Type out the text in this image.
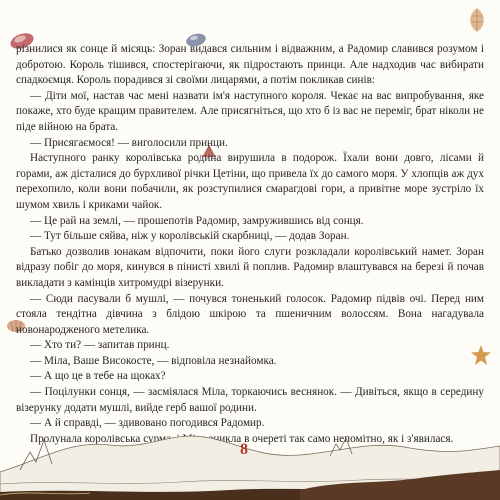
різнилися як сонце й місяць: Зоран видався сильним і відважним, а Радомир славився розумом і добротою. Король тішився, спостерігаючи, як підростають принци. Але надходив час вибирати спадкоємця. Король порадився зі своїми лицарями, а потім покликав синів:

— Діти мої, настав час мені назвати ім'я наступного короля. Чекає на вас випробування, яке покаже, хто буде кращим правителем. Але присягніться, що хто б із вас не переміг, брат ніколи не піде війною на брата.

— Присягаємося! — виголосили принци.

Наступного ранку королівська родина вирушила в подорож. Їхали вони довго, лісами й горами, аж дісталися до бурхливої річки Цетіни, що привела їх до самого моря. У хлопців аж дух перехопило, коли вони побачили, як розступилися смарагдові гори, а привітне море зустріло їх шумом хвиль і криками чайок.

— Це рай на землі, — прошепотів Радомир, замружившись від сонця.

— Тут більше сяйва, ніж у королівській скарбниці, — додав Зоран.

Батько дозволив юнакам відпочити, поки його слуги розкладали королівський намет. Зоран відразу побіг до моря, кинувся в пінисті хвилі й поплив. Радомир влаштувався на березі й почав викладати з камінців хитромудрі візерунки.

— Сюди пасували б мушлі, — почувся тоненький голосок. Радомир підвів очі. Перед ним стояла тендітна дівчина з блідою шкірою та пшеничним волоссям. Вона нагадувала новонародженого метелика.

— Хто ти? — запитав принц.

— Міла, Ваше Високосте, — відповіла незнайомка.

— А що це в тебе на щоках?

— Поцілунки сонця, — засміялася Міла, торкаючись веснянок. — Дивіться, якщо в середину візерунку додати мушлі, вийде герб вашої родини.

— А й справді, — здивовано погодився Радомир.

Пролунала королівська сурма, і Міла зникла в очереті так само непомітно, як і з'явилася.

8
